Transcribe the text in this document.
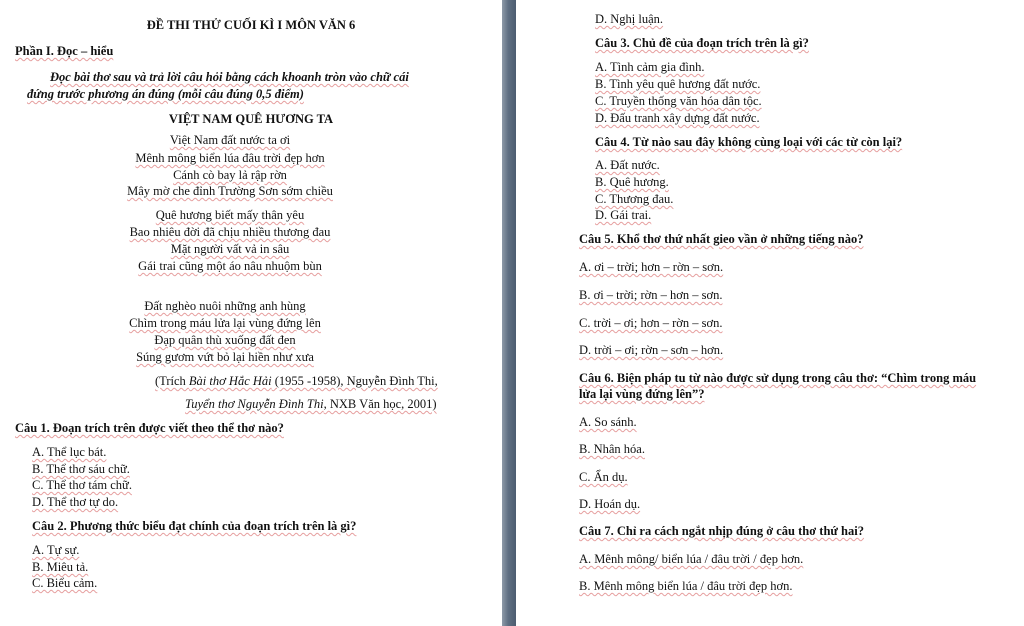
ĐỀ THI THỬ CUỐI KÌ I MÔN VĂN 6
Phần I. Đọc – hiểu
Đọc bài thơ sau và trả lời câu hỏi bằng cách khoanh tròn vào chữ cái
đứng trước phương án đúng (mỗi câu đúng 0,5 điểm)
VIỆT NAM QUÊ HƯƠNG TA
Việt Nam đất nước ta ơi
Mênh mông biển lúa đâu trời đẹp hơn
Cánh cò bay lả rập rờn
Mây mờ che đỉnh Trường Sơn sớm chiều
Quê hương biết mấy thân yêu
Bao nhiêu đời đã chịu nhiều thương đau
Mặt người vất vả in sâu
Gái trai cũng một áo nâu nhuộm bùn
Đất nghèo nuôi những anh hùng
Chìm trong máu lửa lại vùng đứng lên
Đạp quân thù xuống đất đen
Súng gươm vứt bỏ lại hiền như xưa
(Trích Bài thơ Hắc Hải (1955 -1958), Nguyễn Đình Thi,
Tuyển thơ Nguyễn Đình Thi, NXB Văn học, 2001)
Câu 1. Đoạn trích trên được viết theo thể thơ nào?
A. Thể lục bát.
B. Thể thơ sáu chữ.
C. Thể thơ tám chữ.
D. Thể thơ tự do.
Câu 2. Phương thức biểu đạt chính của đoạn trích trên là gì?
A. Tự sự.
B. Miêu tả.
C. Biểu cảm.
D. Nghị luận.
Câu 3. Chủ đề của đoạn trích trên là gì?
A. Tình cảm gia đình.
B. Tình yêu quê hương đất nước.
C. Truyền thống văn hóa dân tộc.
D. Đấu tranh xây dựng đất nước.
Câu 4. Từ nào sau đây không cùng loại với các từ còn lại?
A. Đất nước.
B. Quê hương.
C. Thương đau.
D. Gái trai.
Câu 5. Khổ thơ thứ nhất gieo vần ở những tiếng nào?
A. ơi – trời; hơn – rờn – sơn.
B. ơi – trời; rờn – hơn – sơn.
C. trời – ơi; hơn – rờn – sơn.
D. trời – ơi; rờn – sơn – hơn.
Câu 6. Biện pháp tu từ nào được sử dụng trong câu thơ: “Chìm trong máu
lửa lại vùng đứng lên”?
A. So sánh.
B. Nhân hóa.
C. Ẩn dụ.
D. Hoán dụ.
Câu 7. Chỉ ra cách ngắt nhịp đúng ở câu thơ thứ hai?
A. Mênh mông/ biển lúa / đâu trời / đẹp hơn.
B. Mênh mông biển lúa / đâu trời đẹp hơn.
